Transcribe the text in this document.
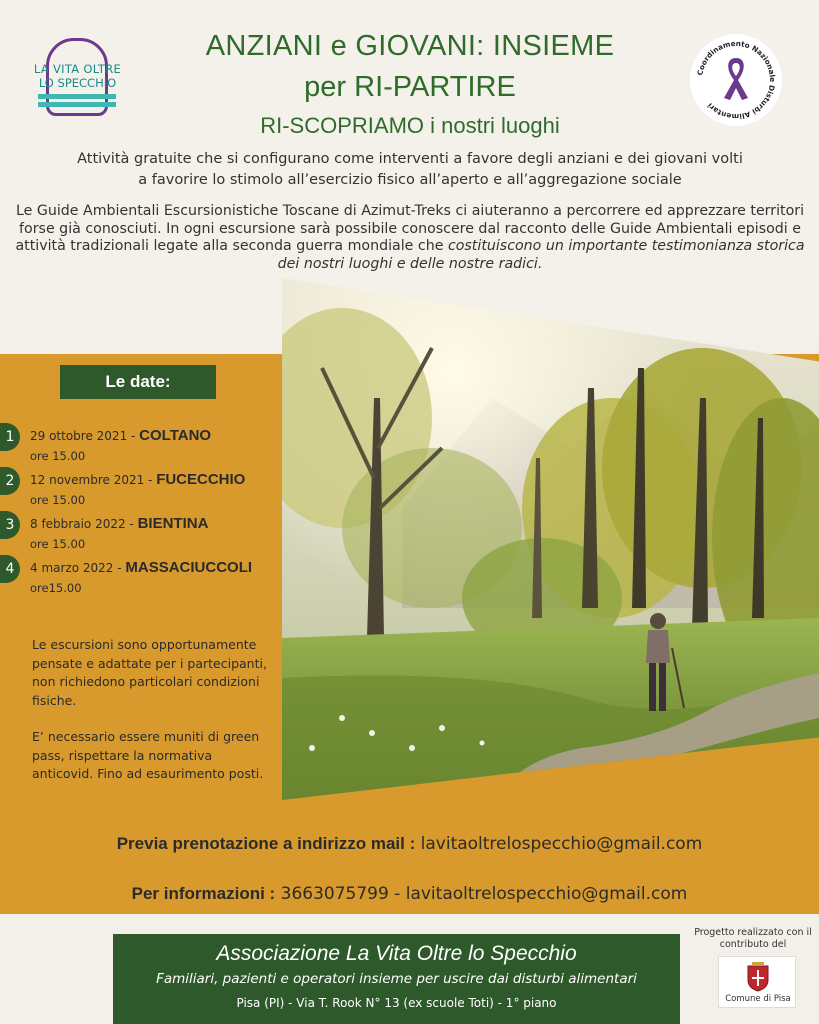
LA VITA OLTRE
LO SPECCHIO
Coordinamento Nazionale Disturbi Alimentari
ANZIANI e GIOVANI: INSIEME
per RI-PARTIRE
RI-SCOPRIAMO i nostri luoghi
Attività gratuite che si configurano come interventi a favore degli anziani e dei giovani volti
a favorire lo stimolo all’esercizio fisico all’aperto e all’aggregazione sociale
Le Guide Ambientali Escursionistiche Toscane di Azimut-Treks ci aiuteranno a percorrere ed apprezzare territori forse già conosciuti. In ogni escursione sarà possibile conoscere dal racconto delle Guide Ambientali episodi e attività tradizionali legate alla seconda guerra mondiale che costituiscono un importante testimonianza storica dei nostri luoghi e delle nostre radici.
Le date:
1	29 ottobre 2021 - COLTANO
ore 15.00
2	12 novembre 2021 - FUCECCHIO
ore 15.00
3	8 febbraio 2022 - BIENTINA
ore 15.00
4	4 marzo 2022 - MASSACIUCCOLI
ore15.00

Le escursioni sono opportunamente pensate e adattate per i partecipanti, non richiedono particolari condizioni fisiche.

E’ necessario essere muniti di green pass, rispettare la normativa anticovid. Fino ad esaurimento posti.

Previa prenotazione a indirizzo mail : lavitaoltrelospecchio@gmail.com
Per informazioni : 3663075799 - lavitaoltrelospecchio@gmail.com
Associazione La Vita Oltre lo Specchio
Familiari, pazienti e operatori insieme per uscire dai disturbi alimentari
Pisa (PI) - Via T. Rook N° 13 (ex scuole Toti) - 1° piano
Progetto realizzato con il
contributo del
Comune di Pisa
